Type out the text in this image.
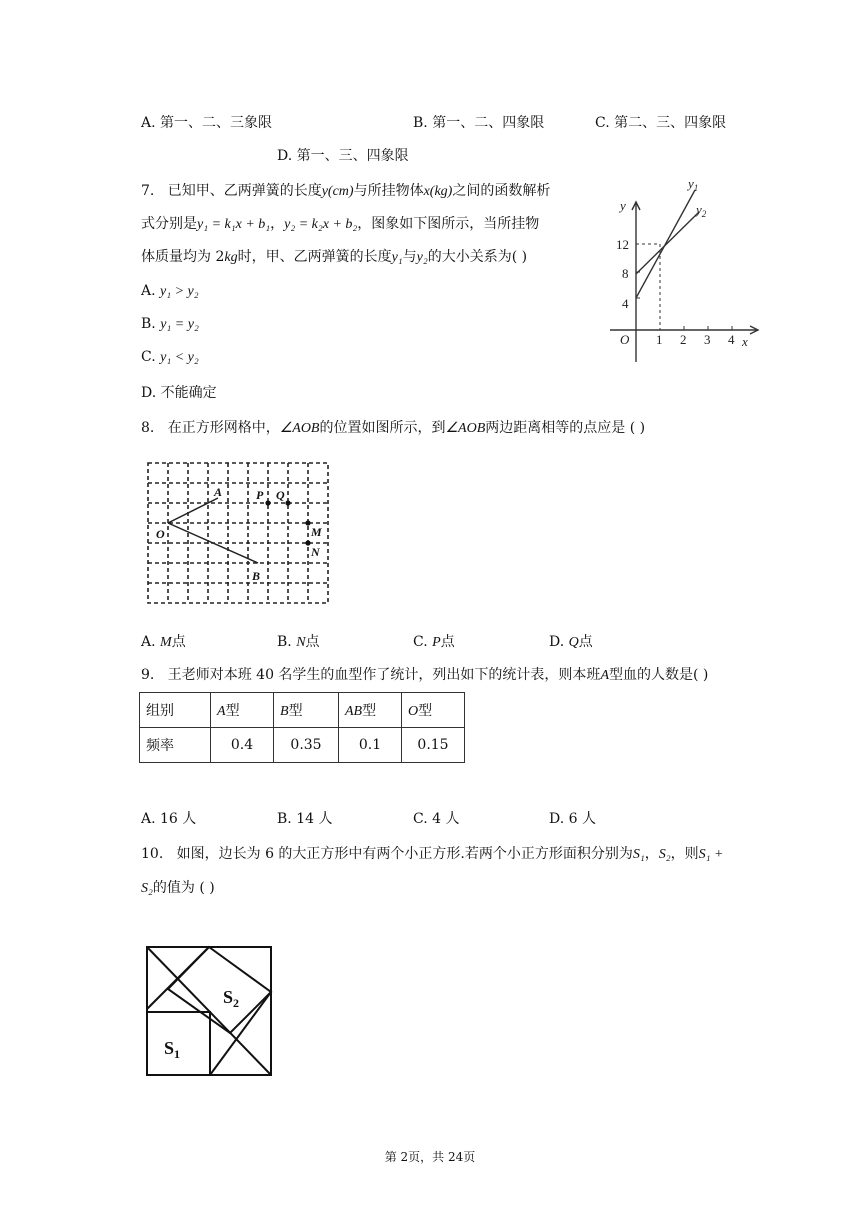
A. 第一、二、三象限	B. 第一、二、四象限	C. 第二、三、四象限
D. 第一、三、四象限
7. 已知甲、乙两弹簧的长度y(cm)与所挂物体x(kg)之间的函数解析
式分别是y₁ = k₁x + b₁，y₂ = k₂x + b₂，图象如下图所示，当所挂物
体质量均为 2kg时，甲、乙两弹簧的长度y₁与y₂的大小关系为( )
A. y₁ > y₂
B. y₁ = y₂
C. y₁ < y₂
D. 不能确定
O	x
y
1 2 3 4
4
8
12
$y_1$
$y_2$
8. 在正方形网格中，∠AOB的位置如图所示，到∠AOB两边距离相等的点应是 ( )
O
A
B
P Q
M
N
A. M点	B. N点	C. P点	D. Q点
9. 王老师对本班 40 名学生的血型作了统计，列出如下的统计表，则本班A型血的人数是( )
组别	A型	B型	AB型	O型
频率	0.4	0.35	0.1	0.15
A. 16 人	B. 14 人	C. 4 人	D. 6 人
10. 如图，边长为 6 的大正方形中有两个小正方形.若两个小正方形面积分别为S₁，S₂，则S₁ +
S₂的值为 ( )
$S_1$
$S_2$
第 2页，共 24页
